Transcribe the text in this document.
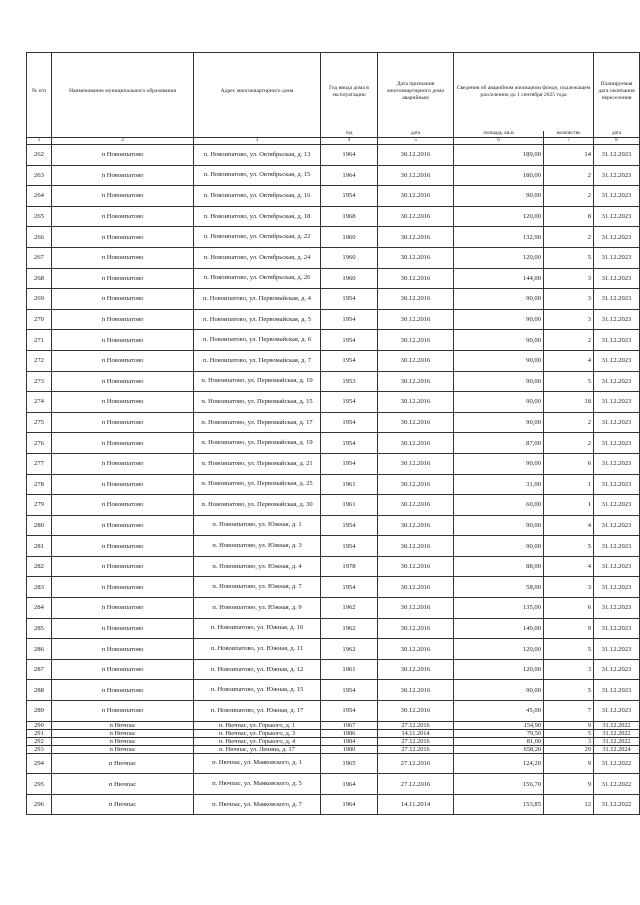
№ п/п	Наименование муниципального образования	Адрес многоквартирного дома	Год ввода дома в эксплуатацию	Дата признания многоквартирного дома аварийным	Сведения об аварийном жилищном фонде, подлежащем расселению до 1 сентября 2025 года		Планируемая дата окончания переселения
			год	дата	площадь, кв.м	количество	дата
1	2	3	4	5	6	7	8
262	п Новоипатово	п. Новоипатово, ул. Октябрьская, д. 13	1964	30.12.2016	189,00	14	31.12.2023
263	п Новоипатово	п. Новоипатово, ул. Октябрьская, д. 15	1964	30.12.2016	180,00	2	31.12.2023
264	п Новоипатово	п. Новоипатово, ул. Октябрьская, д. 16	1954	30.12.2016	90,00	2	31.12.2023
265	п Новоипатово	п. Новоипатово, ул. Октябрьская, д. 18	1968	30.12.2016	120,00	8	31.12.2023
266	п Новоипатово	п. Новоипатово, ул. Октябрьская, д. 22	1960	30.12.2016	132,00	2	31.12.2023
267	п Новоипатово	п. Новоипатово, ул. Октябрьская, д. 24	1960	30.12.2016	120,00	5	31.12.2023
268	п Новоипатово	п. Новоипатово, ул. Октябрьская, д. 26	1960	30.12.2016	144,00	3	31.12.2023
269	п Новоипатово	п. Новоипатово, ул. Первомайская, д. 4	1954	30.12.2016	90,00	3	31.12.2023
270	п Новоипатово	п. Новоипатово, ул. Первомайская, д. 5	1954	30.12.2016	90,00	3	31.12.2023
271	п Новоипатово	п. Новоипатово, ул. Первомайская, д. 6	1954	30.12.2016	90,00	2	31.12.2023
272	п Новоипатово	п. Новоипатово, ул. Первомайская, д. 7	1954	30.12.2016	90,00	4	31.12.2023
273	п Новоипатово	п. Новоипатово, ул. Первомайская, д. 10	1953	30.12.2016	90,00	5	31.12.2023
274	п Новоипатово	п. Новоипатово, ул. Первомайская, д. 15	1954	30.12.2016	90,00	18	31.12.2023
275	п Новоипатово	п. Новоипатово, ул. Первомайская, д. 17	1954	30.12.2016	90,00	2	31.12.2023
276	п Новоипатово	п. Новоипатово, ул. Первомайская, д. 19	1954	30.12.2016	87,00	2	31.12.2023
277	п Новоипатово	п. Новоипатово, ул. Первомайская, д. 21	1954	30.12.2016	90,00	6	31.12.2023
278	п Новоипатово	п. Новоипатово, ул. Первомайская, д. 25	1961	30.12.2016	31,00	1	31.12.2023
279	п Новоипатово	п. Новоипатово, ул. Первомайская, д. 30	1961	30.12.2016	60,00	1	31.12.2023
280	п Новоипатово	п. Новоипатово, ул. Южная, д. 1	1954	30.12.2016	90,00	4	31.12.2023
281	п Новоипатово	п. Новоипатово, ул. Южная, д. 3	1954	30.12.2016	90,00	5	31.12.2023
282	п Новоипатово	п. Новоипатово, ул. Южная, д. 4	1978	30.12.2016	88,00	4	31.12.2023
283	п Новоипатово	п. Новоипатово, ул. Южная, д. 7	1954	30.12.2016	58,00	3	31.12.2023
284	п Новоипатово	п. Новоипатово, ул. Южная, д. 9	1962	30.12.2016	135,00	6	31.12.2023
285	п Новоипатово	п. Новоипатово, ул. Южная, д. 10	1962	30.12.2016	149,00	9	31.12.2023
286	п Новоипатово	п. Новоипатово, ул. Южная, д. 11	1962	30.12.2016	120,00	5	31.12.2023
287	п Новоипатово	п. Новоипатово, ул. Южная, д. 12	1961	30.12.2016	120,00	3	31.12.2023
288	п Новоипатово	п. Новоипатово, ул. Южная, д. 15	1954	30.12.2016	90,00	5	31.12.2023
289	п Новоипатово	п. Новоипатово, ул. Южная, д. 17	1954	30.12.2016	45,00	7	31.12.2023
290	п Нючпас	п. Нючпас, ул. Горького, д. 1	1967	27.12.2016	154,90	9	31.12.2022
291	п Нючпас	п. Нючпас, ул. Горького, д. 3	1986	14.11.2014	79,50	5	31.12.2022
292	п Нючпас	п. Нючпас, ул. Горького, д. 4	1984	27.12.2016	81,00	3	31.12.2022
293	п Нючпас	п. Нючпас, ул. Ленина, д. 17	1980	27.12.2016	658,20	29	31.12.2024
294	п Нючпас	п. Нючпас, ул. Маяковского, д. 1	1965	27.12.2016	124,20	9	31.12.2022
295	п Нючпас	п. Нючпас, ул. Маяковского, д. 5	1964	27.12.2016	156,70	9	31.12.2022
296	п Нючпас	п. Нючпас, ул. Маяковского, д. 7	1964	14.11.2014	153,85	12	31.12.2022
